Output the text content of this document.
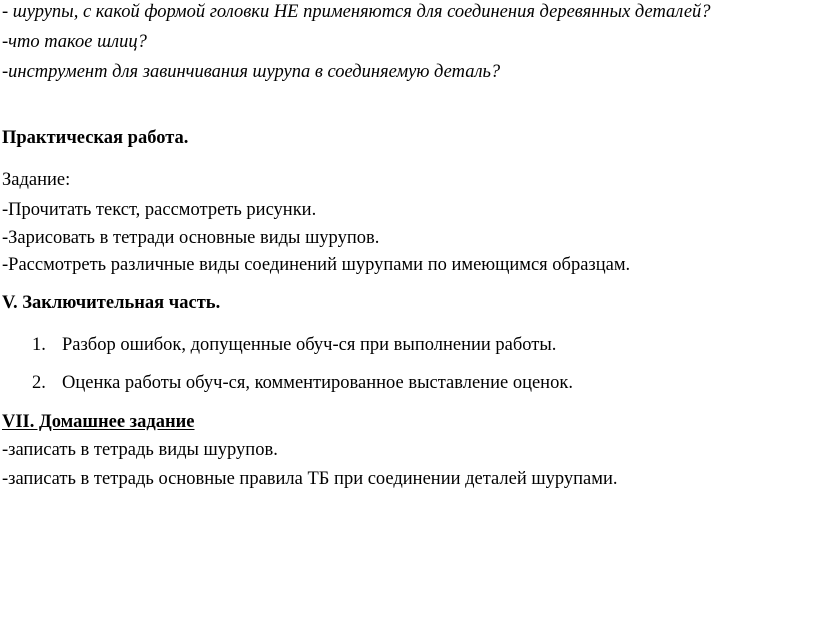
- шурупы, с какой формой головки НЕ применяются для соединения деревянных деталей?
-что такое шлиц?
-инструмент для завинчивания шурупа в соединяемую деталь?
Практическая работа.
Задание:
-Прочитать текст, рассмотреть рисунки.
-Зарисовать в тетради основные виды шурупов.
-Рассмотреть различные виды соединений шурупами по имеющимся образцам.
V. Заключительная часть.
1. Разбор ошибок, допущенные обуч-ся при выполнении работы.
2. Оценка работы обуч-ся, комментированное выставление оценок.
VII. Домашнее задание
-записать в тетрадь виды шурупов.
-записать в тетрадь основные правила ТБ при соединении деталей шурупами.
